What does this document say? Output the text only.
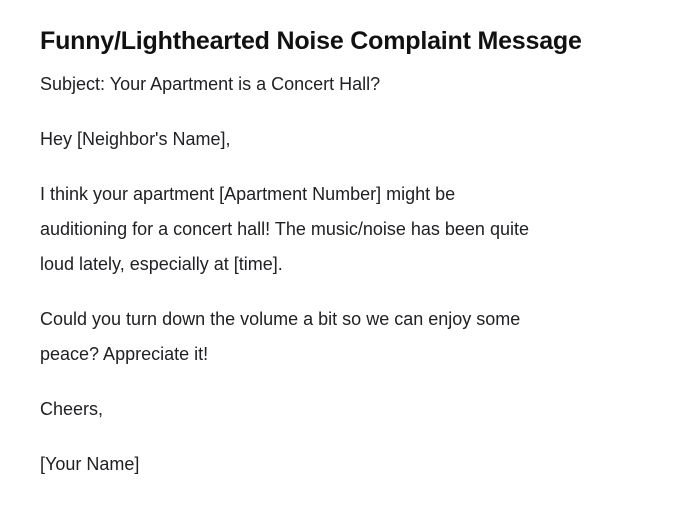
Funny/Lighthearted Noise Complaint Message

Subject: Your Apartment is a Concert Hall?

Hey [Neighbor's Name],

I think your apartment [Apartment Number] might be
auditioning for a concert hall! The music/noise has been quite
loud lately, especially at [time].

Could you turn down the volume a bit so we can enjoy some
peace? Appreciate it!

Cheers,

[Your Name]
